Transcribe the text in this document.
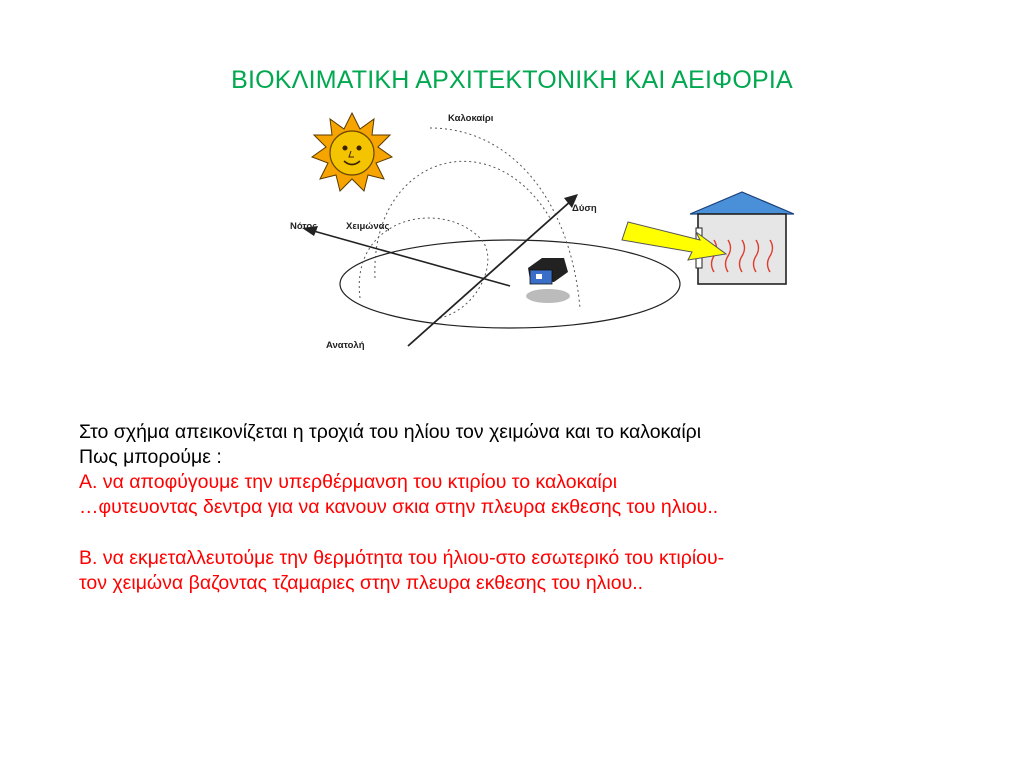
ΒΙΟΚΛΙΜΑΤΙΚΗ ΑΡΧΙΤΕΚΤΟΝΙΚΗ ΚΑΙ ΑΕΙΦΟΡΙΑ
Καλοκαίρι
Χειμώνας
Νότος
Δύση
Ανατολή

Στο σχήμα απεικονίζεται η τροχιά του ηλίου τον χειμώνα και το καλοκαίρι

Πως μπορούμε :

Α. να αποφύγουμε την υπερθέρμανση του κτιρίου το καλοκαίρι

…φυτευοντας δεντρα για να κανουν σκια στην πλευρα εκθεσης του ηλιου..

Β. να εκμεταλλευτούμε την θερμότητα του ήλιου-στο εσωτερικό του κτιρίου-

τον χειμώνα βαζοντας τζαμαριες στην πλευρα εκθεσης του ηλιου..
